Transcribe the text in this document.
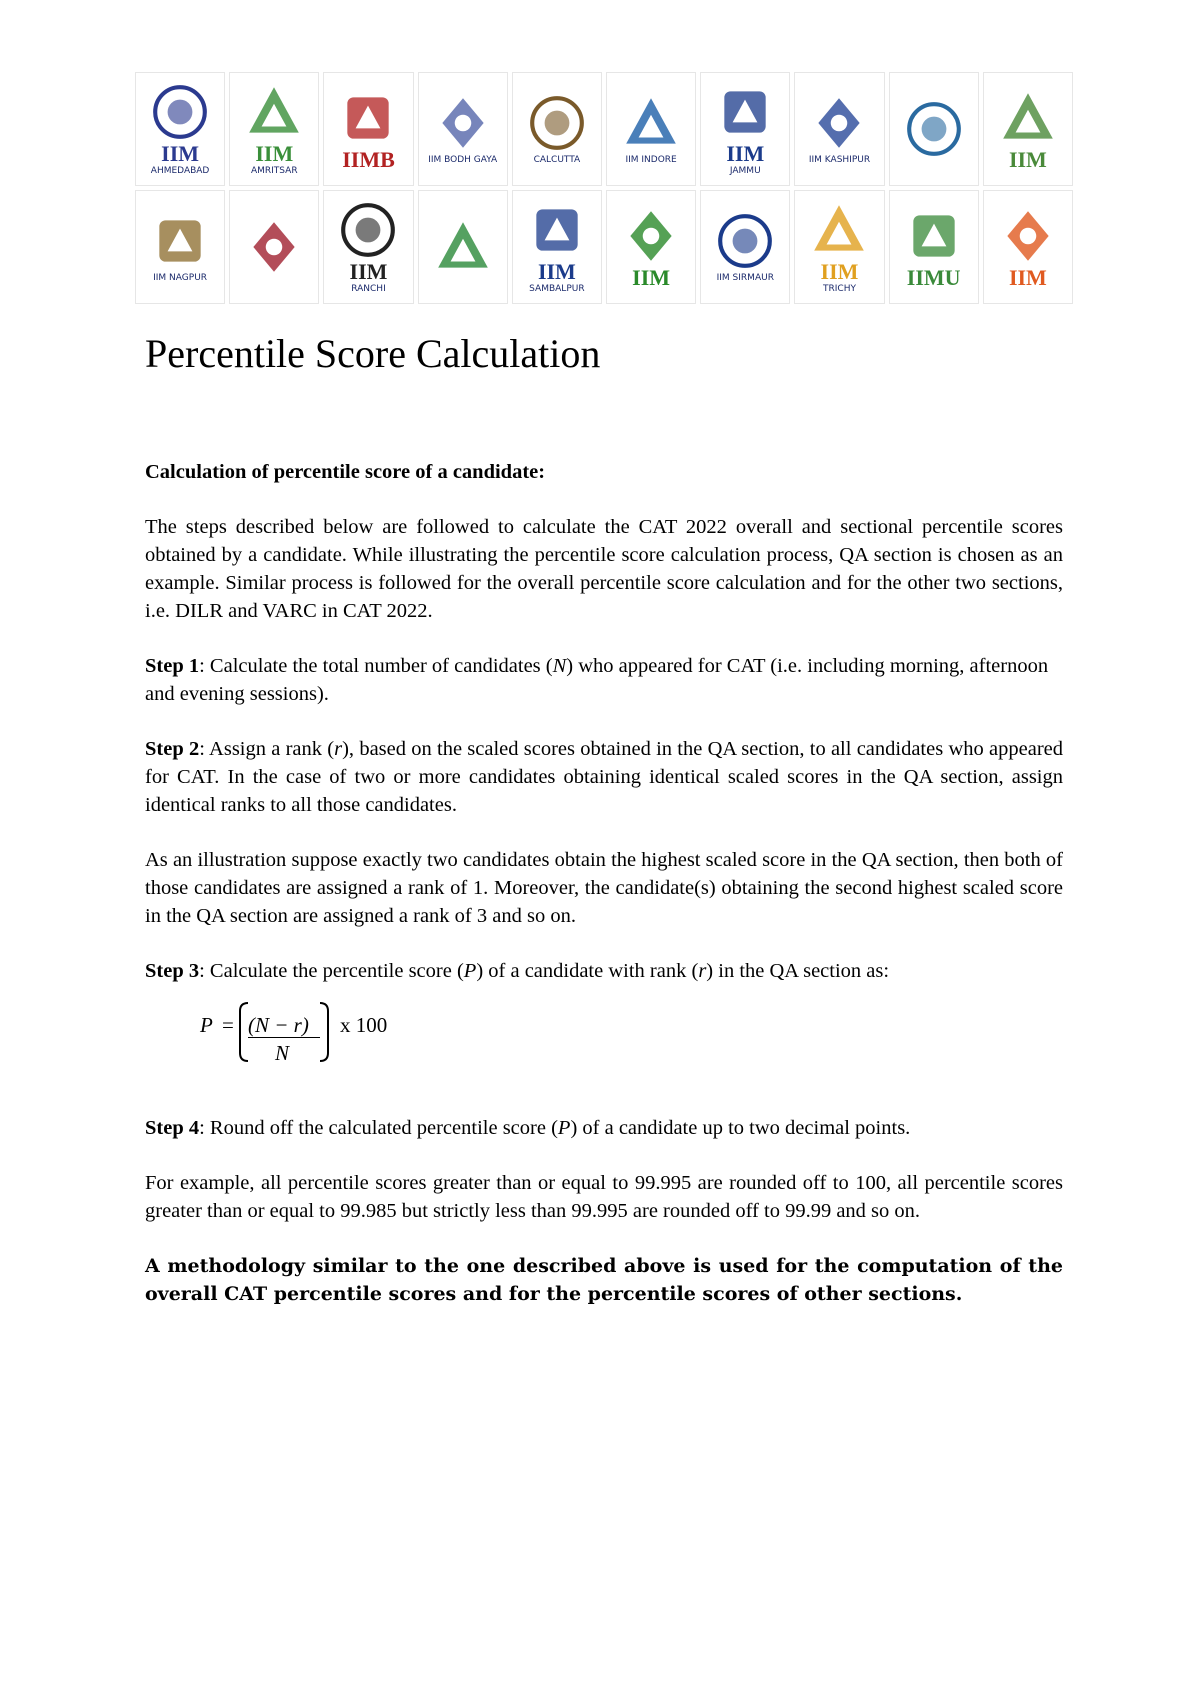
IIM
AHMEDABAD
IIM
AMRITSAR IIMB	IIM BODH GAYA	CALCUTTA	IIM INDORE IIM
JAMMU
IIM KASHIPUR	IIM
IIM NAGPUR	IIM
RANCHI
IIM
SAMBALPUR IIM	IIM SIRMAUR IIM
TRICHY IIMU IIM
Percentile Score Calculation

Calculation of percentile score of a candidate:

The steps described below are followed to calculate the CAT 2022 overall and sectional percentile scores obtained by a candidate. While illustrating the percentile score calculation process, QA section is chosen as an example. Similar process is followed for the overall percentile score calculation and for the other two sections, i.e. DILR and VARC in CAT 2022.

Step 1: Calculate the total number of candidates (N) who appeared for CAT (i.e. including morning, afternoon and evening sessions).

Step 2: Assign a rank (r), based on the scaled scores obtained in the QA section, to all candidates who appeared for CAT. In the case of two or more candidates obtaining identical scaled scores in the QA section, assign identical ranks to all those candidates.

As an illustration suppose exactly two candidates obtain the highest scaled score in the QA section, then both of those candidates are assigned a rank of 1. Moreover, the candidate(s) obtaining the second highest scaled score in the QA section are assigned a rank of 3 and so on.

Step 3: Calculate the percentile score (P) of a candidate with rank (r) in the QA section as:

P = (N − r)
N
x 100

Step 4: Round off the calculated percentile score (P) of a candidate up to two decimal points.

For example, all percentile scores greater than or equal to 99.995 are rounded off to 100, all percentile scores greater than or equal to 99.985 but strictly less than 99.995 are rounded off to 99.99 and so on.

A methodology similar to the one described above is used for the computation of the overall CAT percentile scores and for the percentile scores of other sections.
